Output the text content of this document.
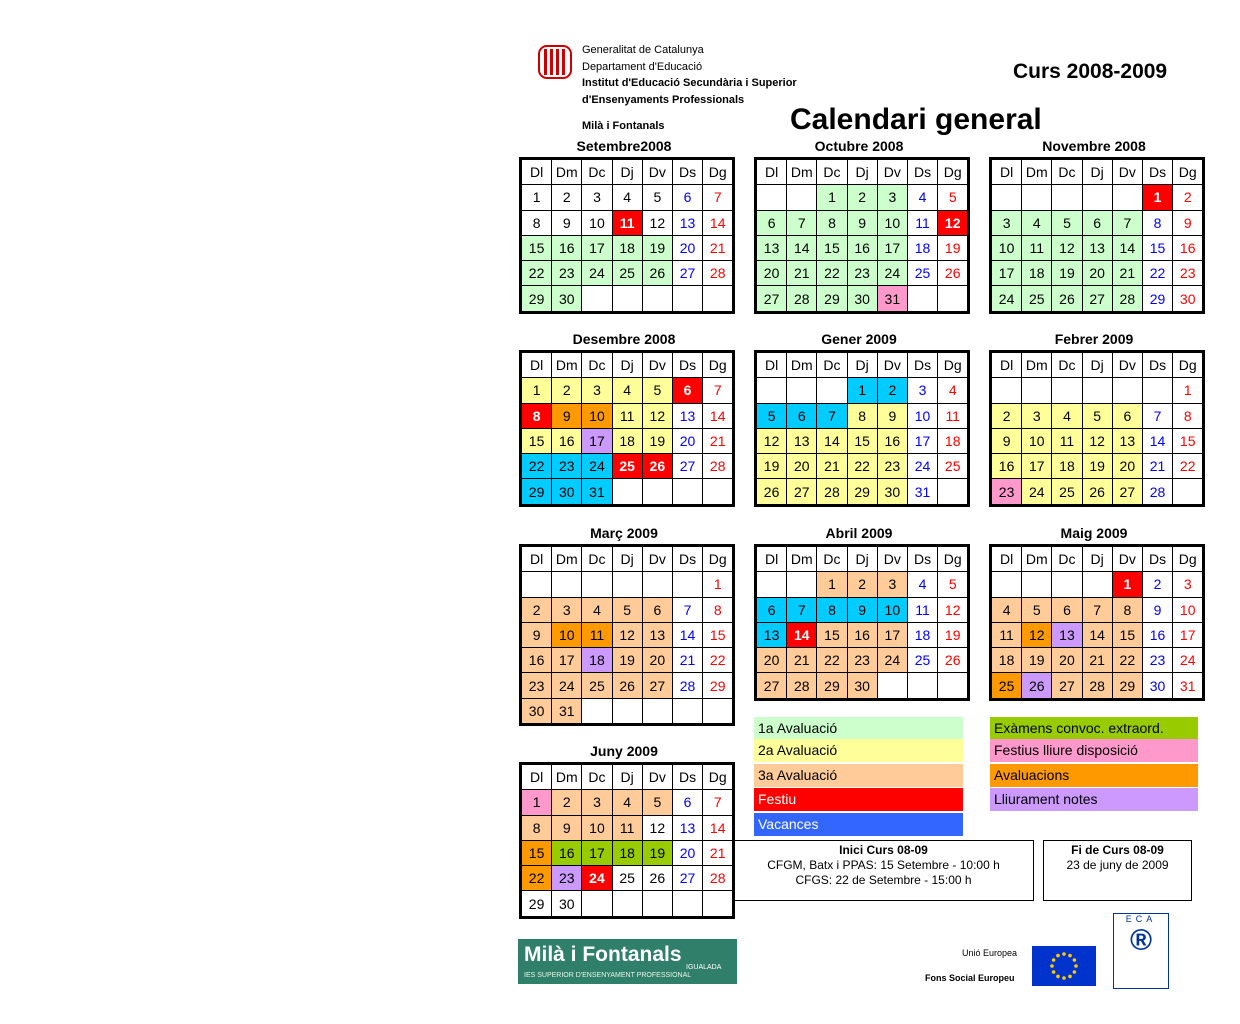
Generalitat de Catalunya
Departament d'Educació
Institut d'Educació Secundària i Superior
d'Ensenyaments Professionals
Milà i Fontanals
Curs 2008-2009
Calendari general
Setembre2008
Dl	Dm	Dc	Dj	Dv	Ds	Dg
1	2	3	4	5	6	7
8	9	10	11	12	13	14
15	16	17	18	19	20	21
22	23	24	25	26	27	28
29	30					
Octubre 2008
Dl	Dm	Dc	Dj	Dv	Ds	Dg
		1	2	3	4	5
6	7	8	9	10	11	12
13	14	15	16	17	18	19
20	21	22	23	24	25	26
27	28	29	30	31		
Novembre 2008
Dl	Dm	Dc	Dj	Dv	Ds	Dg
					1	2
3	4	5	6	7	8	9
10	11	12	13	14	15	16
17	18	19	20	21	22	23
24	25	26	27	28	29	30
Desembre 2008
Dl	Dm	Dc	Dj	Dv	Ds	Dg
1	2	3	4	5	6	7
8	9	10	11	12	13	14
15	16	17	18	19	20	21
22	23	24	25	26	27	28
29	30	31				
Gener 2009
Dl	Dm	Dc	Dj	Dv	Ds	Dg
			1	2	3	4
5	6	7	8	9	10	11
12	13	14	15	16	17	18
19	20	21	22	23	24	25
26	27	28	29	30	31	
Febrer 2009
Dl	Dm	Dc	Dj	Dv	Ds	Dg
						1
2	3	4	5	6	7	8
9	10	11	12	13	14	15
16	17	18	19	20	21	22
23	24	25	26	27	28	
Març 2009
Dl	Dm	Dc	Dj	Dv	Ds	Dg
						1
2	3	4	5	6	7	8
9	10	11	12	13	14	15
16	17	18	19	20	21	22
23	24	25	26	27	28	29
30	31					
Abril 2009
Dl	Dm	Dc	Dj	Dv	Ds	Dg
		1	2	3	4	5
6	7	8	9	10	11	12
13	14	15	16	17	18	19
20	21	22	23	24	25	26
27	28	29	30			
Maig 2009
Dl	Dm	Dc	Dj	Dv	Ds	Dg
				1	2	3
4	5	6	7	8	9	10
11	12	13	14	15	16	17
18	19	20	21	22	23	24
25	26	27	28	29	30	31
Juny 2009
Dl	Dm	Dc	Dj	Dv	Ds	Dg
1	2	3	4	5	6	7
8	9	10	11	12	13	14
15	16	17	18	19	20	21
22	23	24	25	26	27	28
29	30					
1a Avaluació
2a Avaluació
3a Avaluació
Festiu
Vacances
Exàmens convoc. extraord.
Festius lliure disposició
Avaluacions
Lliurament notes
Inici Curs 08-09
CFGM, Batx i PPAS: 15 Setembre - 10:00 h
CFGS: 22 de Setembre - 15:00 h
Fi de Curs 08-09
23 de juny de 2009
Milà i Fontanals
IGUALADA
IES SUPERIOR D'ENSENYAMENT PROFESSIONAL
Unió Europea
Fons Social Europeu
ECA
®
